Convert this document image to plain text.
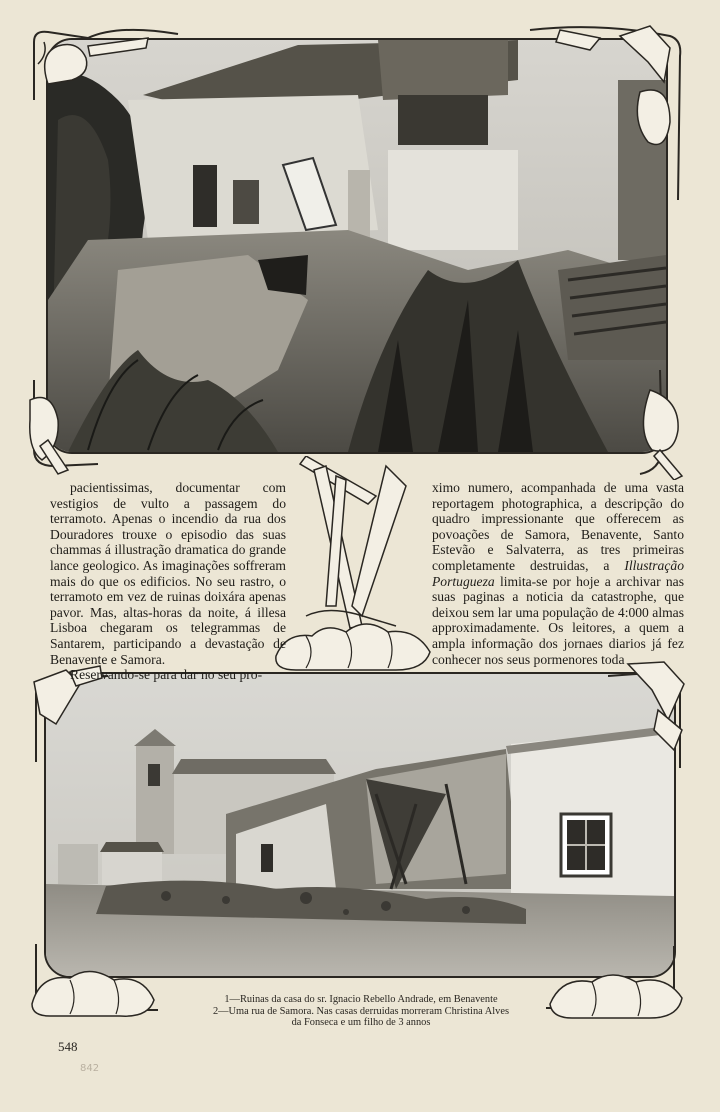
pacientissimas, documentar com vestigios de vulto a passagem do terramoto. Apenas o incendio da rua dos Douradores trouxe o episodio das suas chammas á illustração dramatica do grande lance geologico. As imaginações soffreram mais do que os edificios. No seu rastro, o terramoto em vez de ruinas doixára apenas pavor. Mas, altas-horas da noite, á illesa Lisboa chegaram os telegrammas de Santarem, participando a devastação de Benavente e Samora.

Reservando-se para dar no seu pro-

ximo numero, acompanhada de uma vasta reportagem photographica, a descripção do quadro impressionante que offerecem as povoações de Samora, Benavente, Santo Estevão e Salvaterra, as tres primeiras completamente destruidas, a Illustração Portugueza limita-se por hoje a archivar nas suas paginas a noticia da catastrophe, que deixou sem lar uma população de 4:000 almas approximadamente. Os leitores, a quem a ampla informação dos jornaes diarios já fez conhecer nos seus pormenores toda

1—Ruinas da casa do sr. Ignacio Rebello Andrade, em Benavente
2—Uma rua de Samora. Nas casas derruidas morreram Christina Alves
da Fonseca e um filho de 3 annos
548
842
